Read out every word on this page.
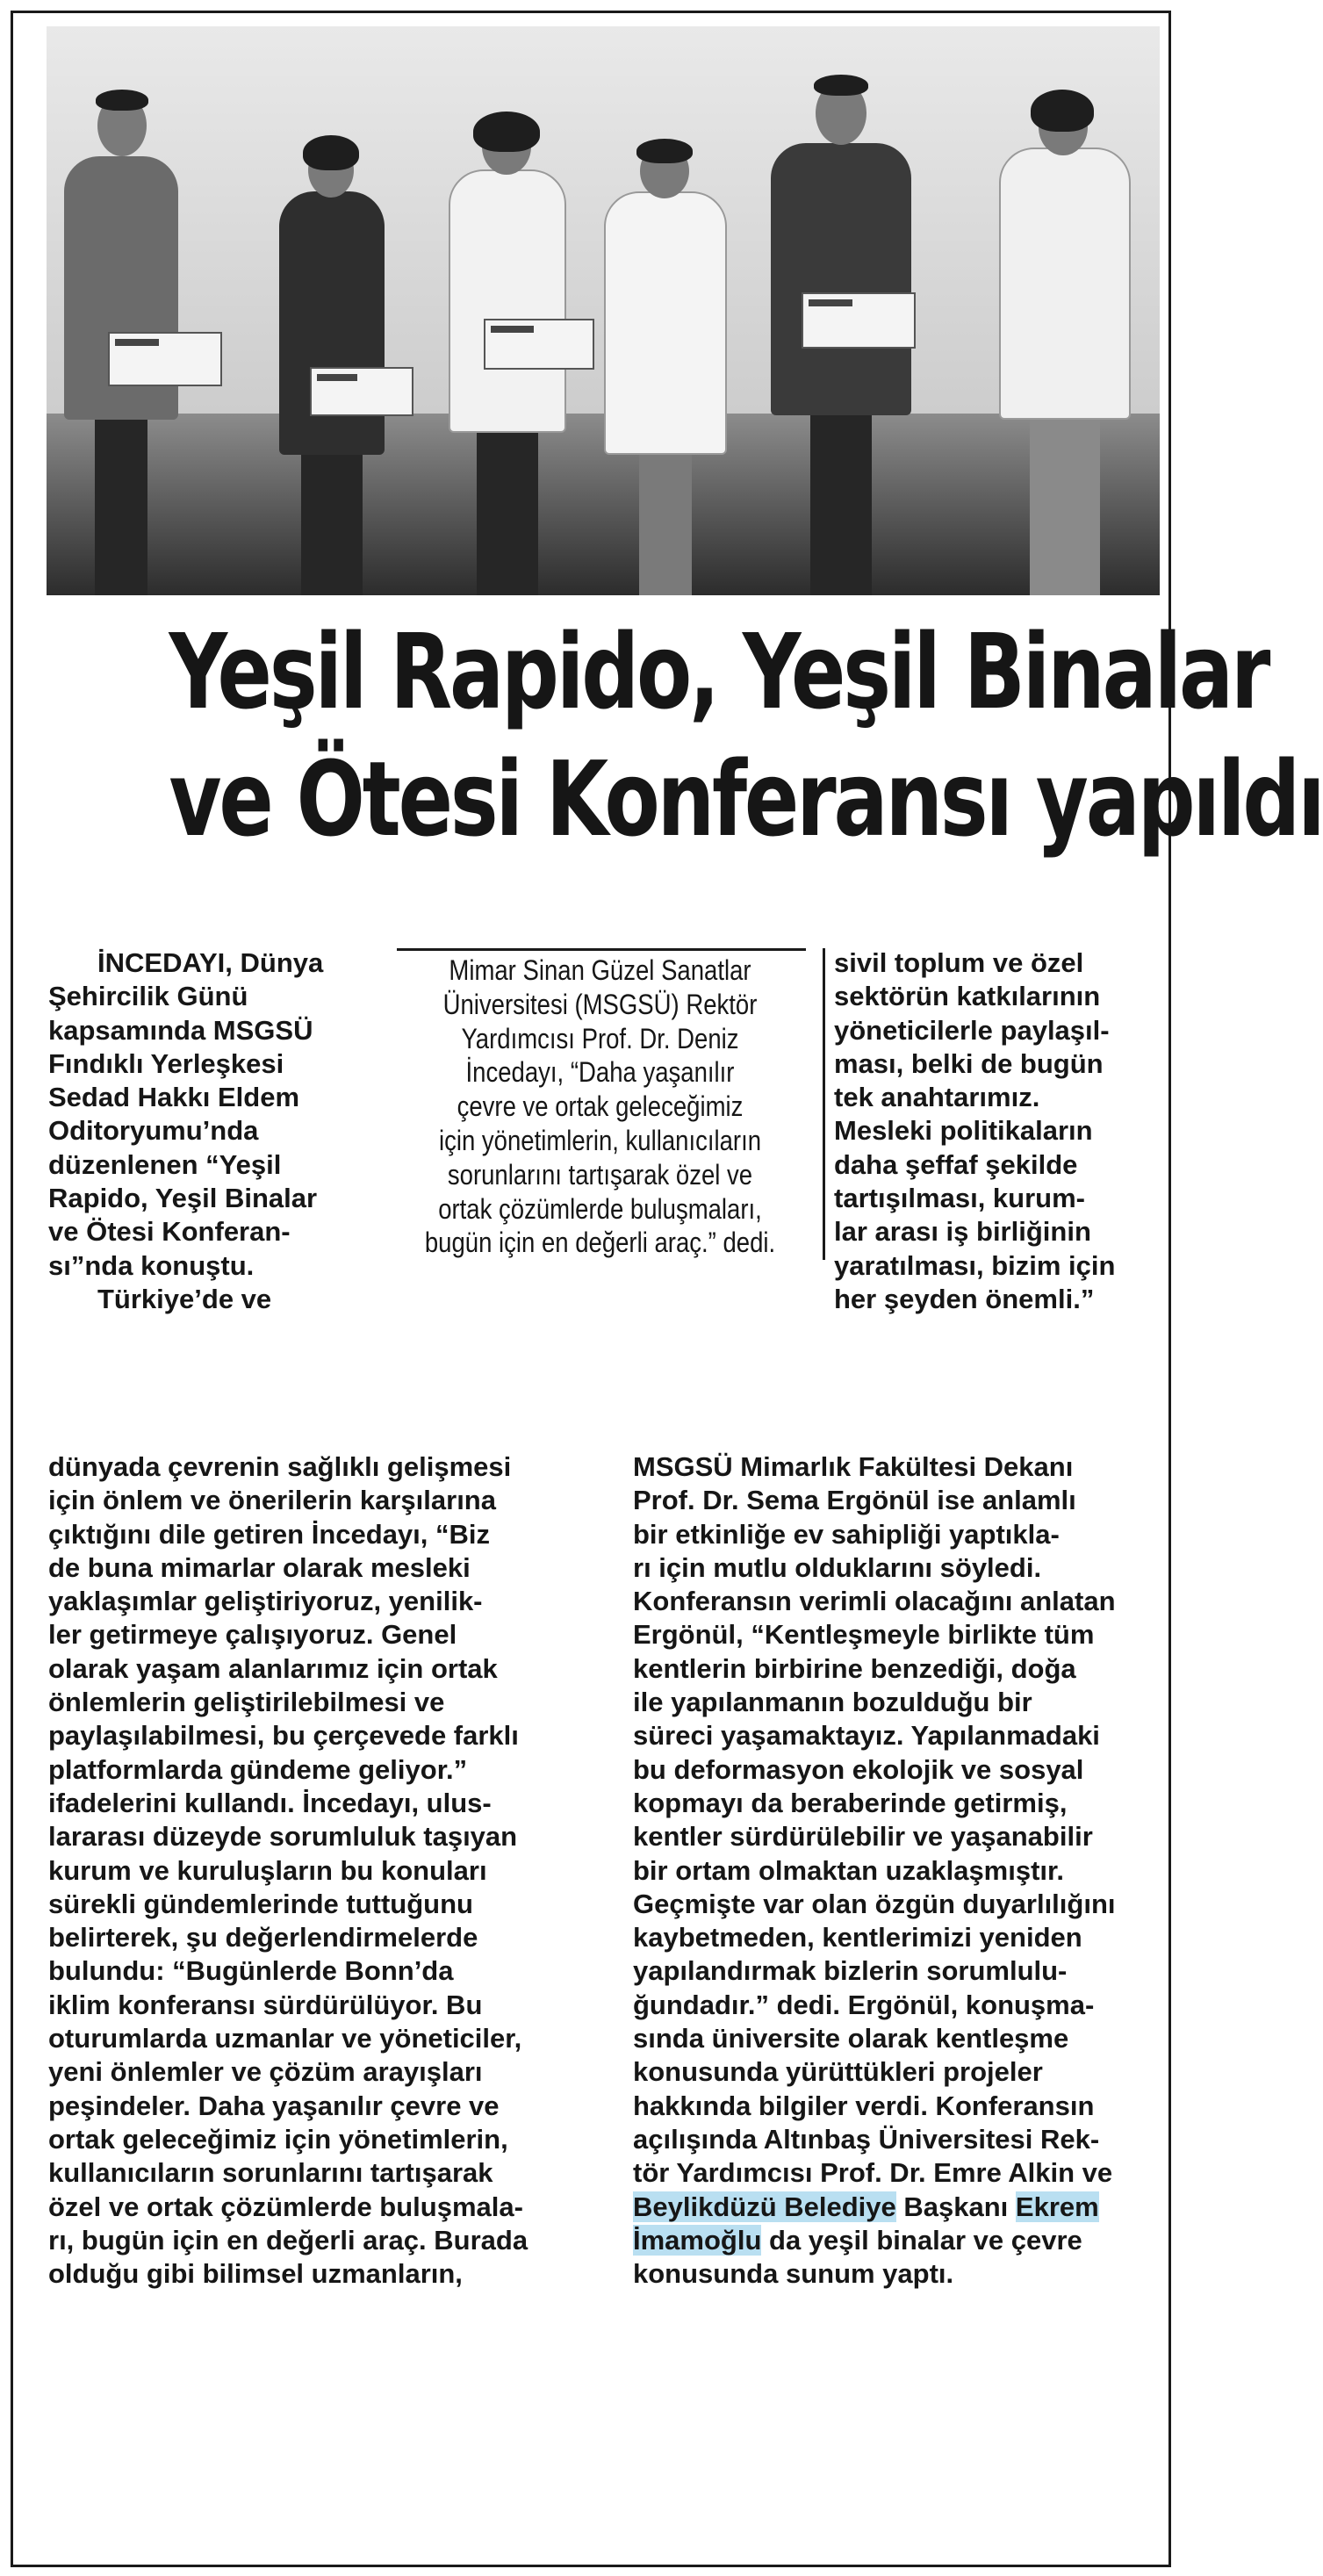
Yeşil Rapido, Yeşil Binalar
ve Ötesi Konferansı yapıldı
İNCEDAYI, Dünya
Şehircilik Günü
kapsamında MSGSÜ
Fındıklı Yerleşkesi
Sedad Hakkı Eldem
Oditoryumu’nda
düzenlenen “Yeşil
Rapido, Yeşil Binalar
ve Ötesi Konferan-
sı”nda konuştu.
Türkiye’de ve
Mimar Sinan Güzel Sanatlar
Üniversitesi (MSGSÜ) Rektör
Yardımcısı Prof. Dr. Deniz
İncedayı, “Daha yaşanılır
çevre ve ortak geleceğimiz
için yönetimlerin, kullanıcıların
sorunlarını tartışarak özel ve
ortak çözümlerde buluşmaları,
bugün için en değerli araç.” dedi.
sivil toplum ve özel
sektörün katkılarının
yöneticilerle paylaşıl-
ması, belki de bugün
tek anahtarımız.
Mesleki politikaların
daha şeffaf şekilde
tartışılması, kurum-
lar arası iş birliğinin
yaratılması, bizim için
her şeyden önemli.”
dünyada çevrenin sağlıklı gelişmesi
için önlem ve önerilerin karşılarına
çıktığını dile getiren İncedayı, “Biz
de buna mimarlar olarak mesleki
yaklaşımlar geliştiriyoruz, yenilik-
ler getirmeye çalışıyoruz. Genel
olarak yaşam alanlarımız için ortak
önlemlerin geliştirilebilmesi ve
paylaşılabilmesi, bu çerçevede farklı
platformlarda gündeme geliyor.”
ifadelerini kullandı. İncedayı, ulus-
lararası düzeyde sorumluluk taşıyan
kurum ve kuruluşların bu konuları
sürekli gündemlerinde tuttuğunu
belirterek, şu değerlendirmelerde
bulundu: “Bugünlerde Bonn’da
iklim konferansı sürdürülüyor. Bu
oturumlarda uzmanlar ve yöneticiler,
yeni önlemler ve çözüm arayışları
peşindeler. Daha yaşanılır çevre ve
ortak geleceğimiz için yönetimlerin,
kullanıcıların sorunlarını tartışarak
özel ve ortak çözümlerde buluşmala-
rı, bugün için en değerli araç. Burada
olduğu gibi bilimsel uzmanların,
MSGSÜ Mimarlık Fakültesi Dekanı
Prof. Dr. Sema Ergönül ise anlamlı
bir etkinliğe ev sahipliği yaptıkla-
rı için mutlu olduklarını söyledi.
Konferansın verimli olacağını anlatan
Ergönül, “Kentleşmeyle birlikte tüm
kentlerin birbirine benzediği, doğa
ile yapılanmanın bozulduğu bir
süreci yaşamaktayız. Yapılanmadaki
bu deformasyon ekolojik ve sosyal
kopmayı da beraberinde getirmiş,
kentler sürdürülebilir ve yaşanabilir
bir ortam olmaktan uzaklaşmıştır.
Geçmişte var olan özgün duyarlılığını
kaybetmeden, kentlerimizi yeniden
yapılandırmak bizlerin sorumlulu-
ğundadır.” dedi. Ergönül, konuşma-
sında üniversite olarak kentleşme
konusunda yürüttükleri projeler
hakkında bilgiler verdi. Konferansın
açılışında Altınbaş Üniversitesi Rek-
tör Yardımcısı Prof. Dr. Emre Alkin ve
Beylikdüzü Belediye Başkanı Ekrem
İmamoğlu da yeşil binalar ve çevre
konusunda sunum yaptı.
